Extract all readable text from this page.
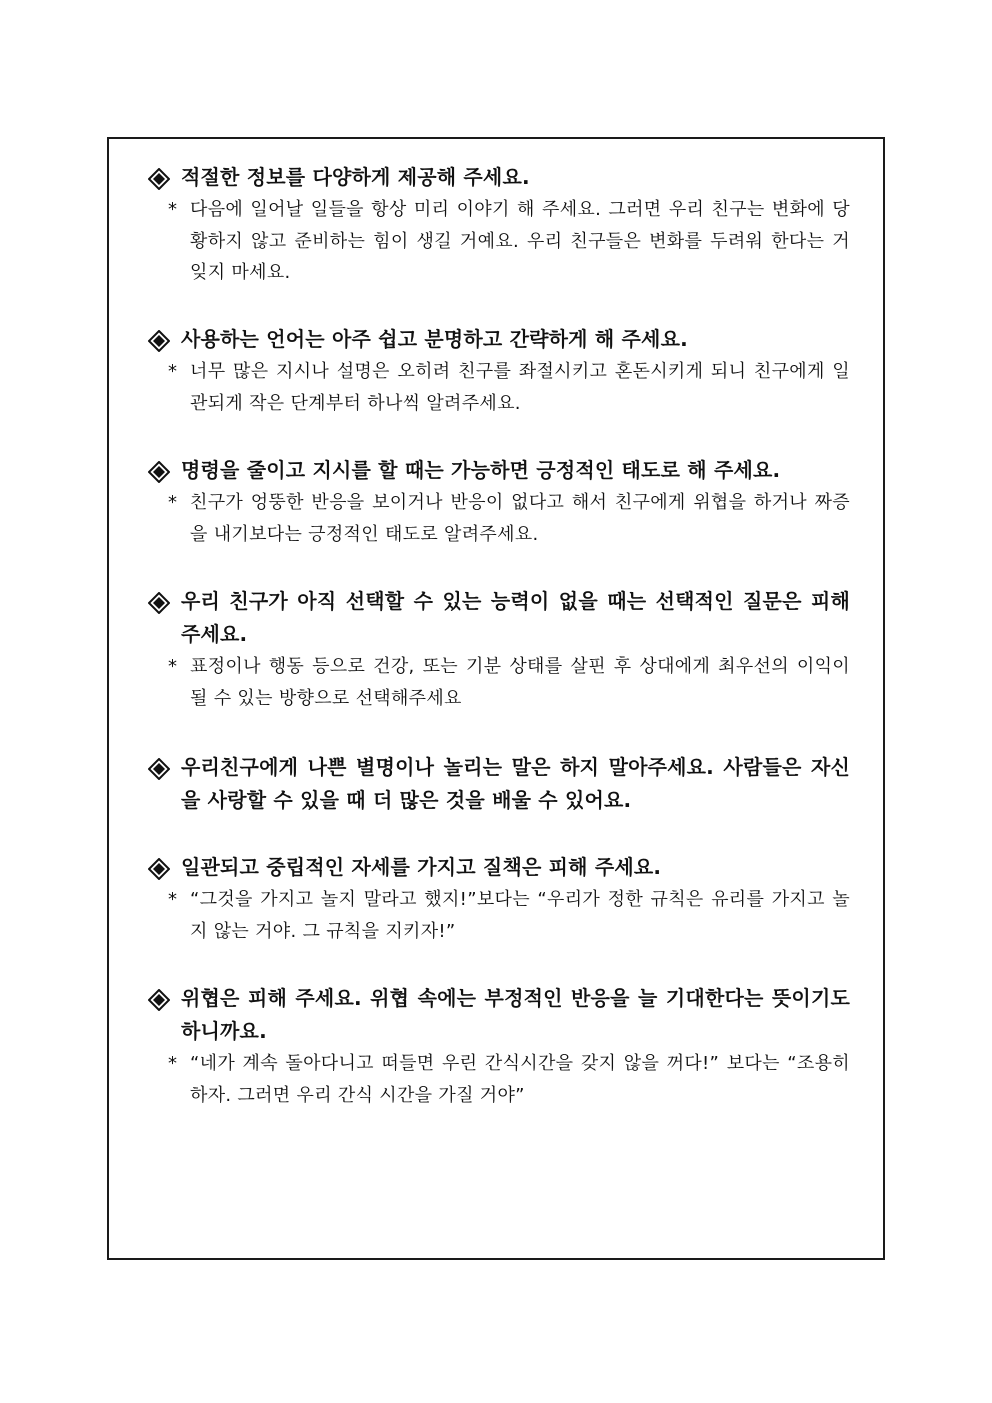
적절한 정보를 다양하게 제공해 주세요.
* 다음에 일어날 일들을 항상 미리 이야기 해 주세요. 그러면 우리 친구는 변화에 당황하지 않고 준비하는 힘이 생길 거예요. 우리 친구들은 변화를 두려워 한다는 거 잊지 마세요.
사용하는 언어는 아주 쉽고 분명하고 간략하게 해 주세요.
* 너무 많은 지시나 설명은 오히려 친구를 좌절시키고 혼돈시키게 되니 친구에게 일관되게 작은 단계부터 하나씩 알려주세요.
명령을 줄이고 지시를 할 때는 가능하면 긍정적인 태도로 해 주세요.
* 친구가 엉뚱한 반응을 보이거나 반응이 없다고 해서 친구에게 위협을 하거나 짜증을 내기보다는 긍정적인 태도로 알려주세요.
우리 친구가 아직 선택할 수 있는 능력이 없을 때는 선택적인 질문은 피해 주세요.
* 표정이나 행동 등으로 건강, 또는 기분 상태를 살핀 후 상대에게 최우선의 이익이 될 수 있는 방향으로 선택해주세요
우리친구에게 나쁜 별명이나 놀리는 말은 하지 말아주세요. 사람들은 자신을 사랑할 수 있을 때 더 많은 것을 배울 수 있어요.
일관되고 중립적인 자세를 가지고 질책은 피해 주세요.
* “그것을 가지고 놀지 말라고 했지!”보다는 “우리가 정한 규칙은 유리를 가지고 놀지 않는 거야. 그 규칙을 지키자!”
위협은 피해 주세요. 위협 속에는 부정적인 반응을 늘 기대한다는 뜻이기도 하니까요.
* “네가 계속 돌아다니고 떠들면 우린 간식시간을 갖지 않을 꺼다!” 보다는 “조용히 하자. 그러면 우리 간식 시간을 가질 거야”
